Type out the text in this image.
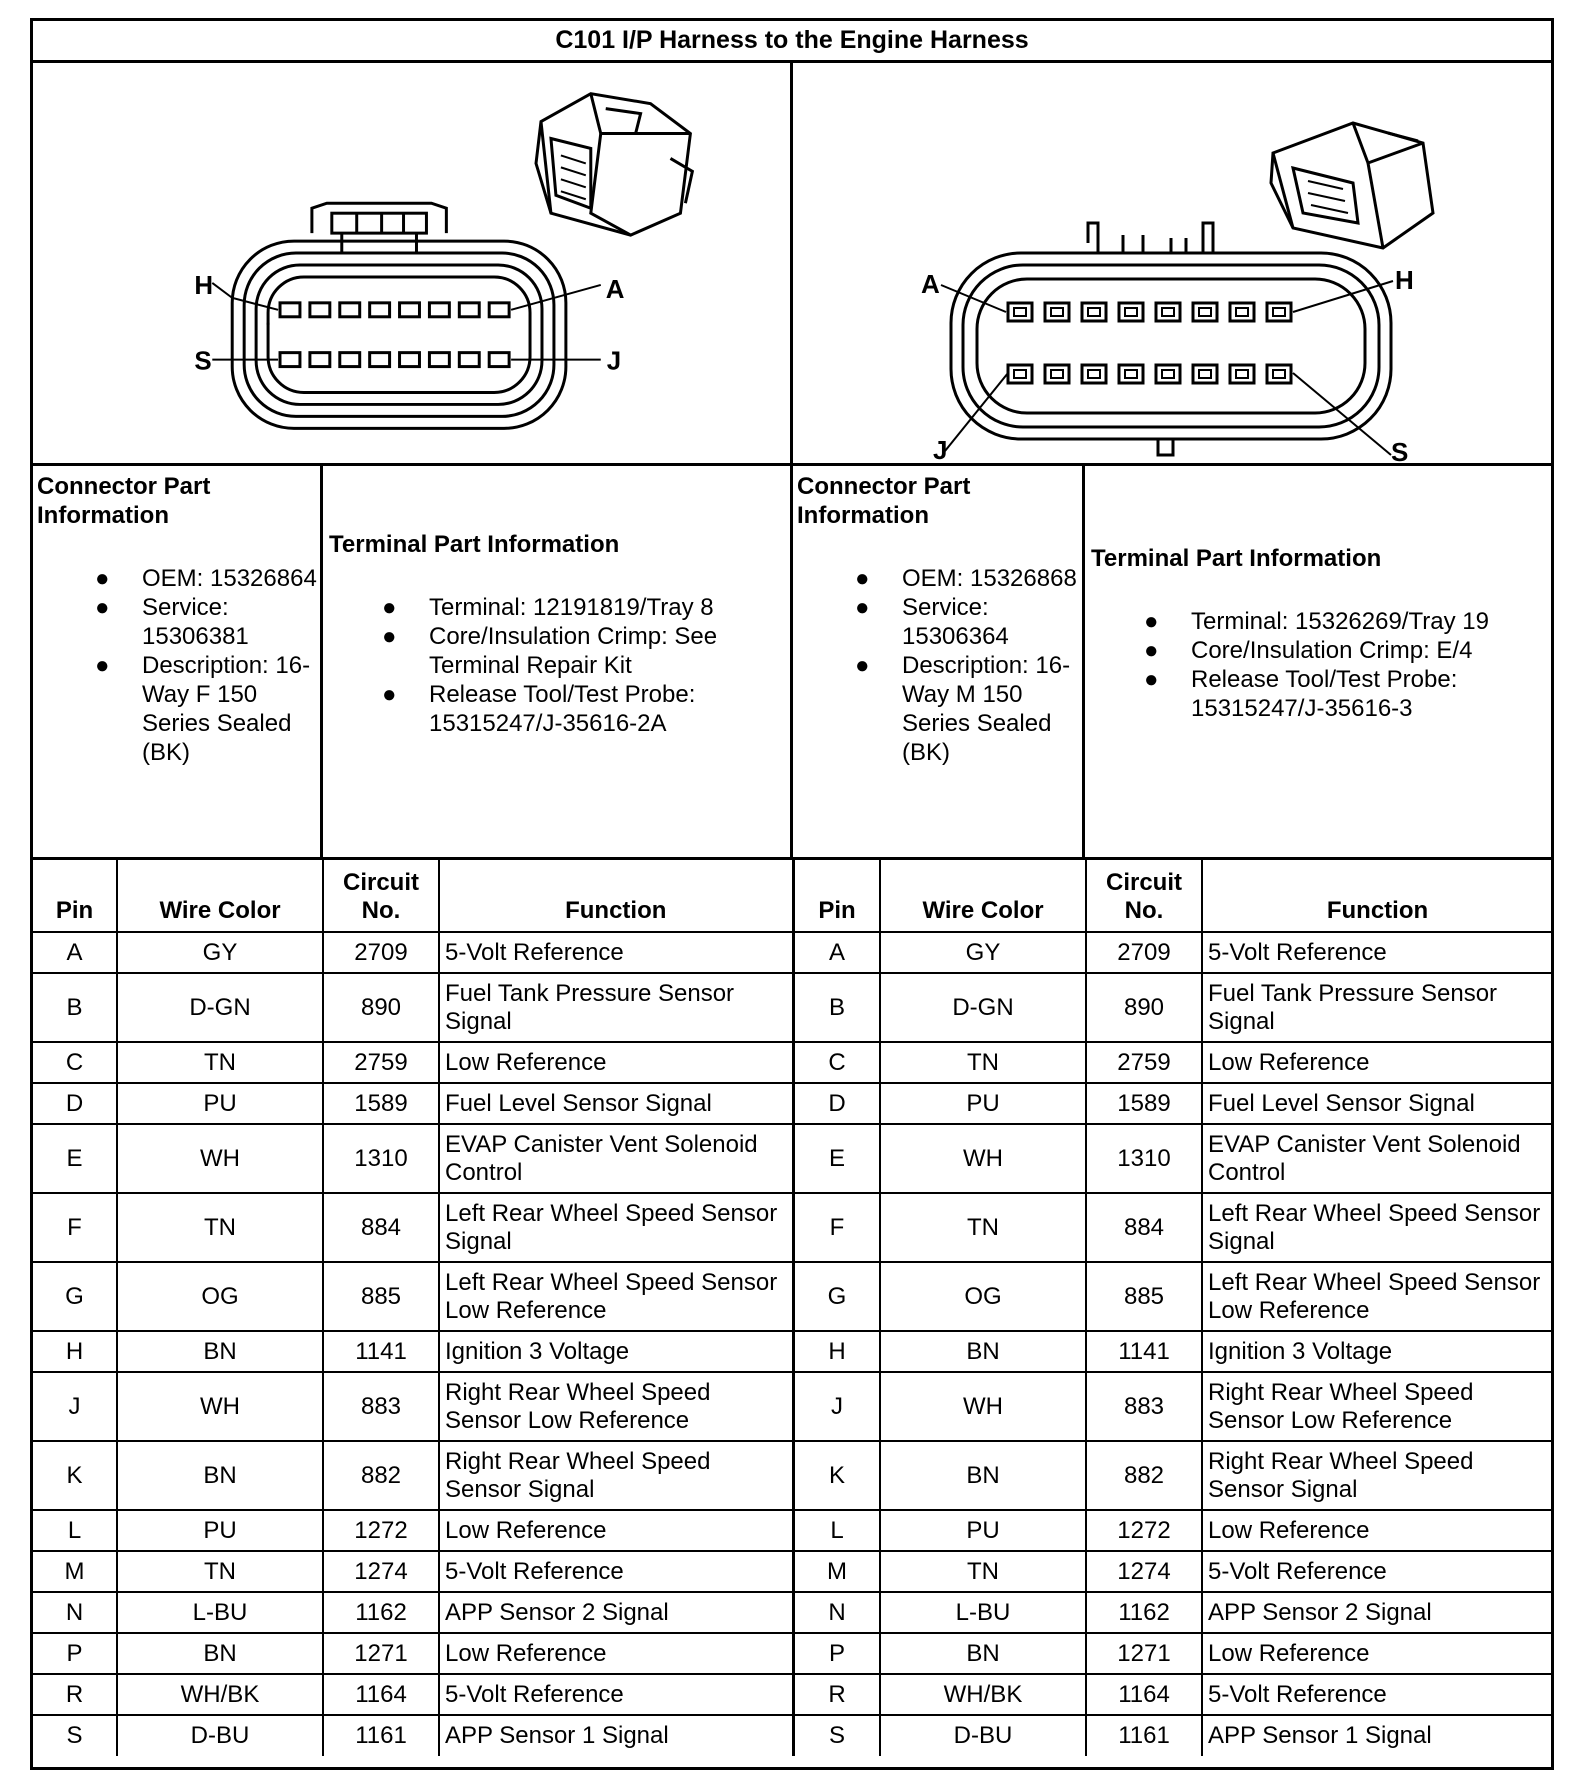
C101 I/P Harness to the Engine Harness
H	A
S	J
A	H
J	S
Connector Part Information
● OEM: 15326864
● Service: 15306381
● Description: 16-Way F 150 Series Sealed (BK)
Terminal Part Information
● Terminal: 12191819/Tray 8
● Core/Insulation Crimp: See Terminal Repair Kit
● Release Tool/Test Probe: 15315247/J-35616-2A
Connector Part Information
● OEM: 15326868
● Service: 15306364
● Description: 16-Way M 150 Series Sealed (BK)
Terminal Part Information
● Terminal: 15326269/Tray 19
● Core/Insulation Crimp: E/4
● Release Tool/Test Probe: 15315247/J-35616-3
Pin	Wire Color	Circuit No.	Function
A	GY	2709	5-Volt Reference
B	D-GN	890	Fuel Tank Pressure Sensor Signal
C	TN	2759	Low Reference
D	PU	1589	Fuel Level Sensor Signal
E	WH	1310	EVAP Canister Vent Solenoid Control
F	TN	884	Left Rear Wheel Speed Sensor Signal
G	OG	885	Left Rear Wheel Speed Sensor Low Reference
H	BN	1141	Ignition 3 Voltage
J	WH	883	Right Rear Wheel Speed Sensor Low Reference
K	BN	882	Right Rear Wheel Speed Sensor Signal
L	PU	1272	Low Reference
M	TN	1274	5-Volt Reference
N	L-BU	1162	APP Sensor 2 Signal
P	BN	1271	Low Reference
R	WH/BK	1164	5-Volt Reference
S	D-BU	1161	APP Sensor 1 Signal
Pin	Wire Color	Circuit No.	Function
A	GY	2709	5-Volt Reference
B	D-GN	890	Fuel Tank Pressure Sensor Signal
C	TN	2759	Low Reference
D	PU	1589	Fuel Level Sensor Signal
E	WH	1310	EVAP Canister Vent Solenoid Control
F	TN	884	Left Rear Wheel Speed Sensor Signal
G	OG	885	Left Rear Wheel Speed Sensor Low Reference
H	BN	1141	Ignition 3 Voltage
J	WH	883	Right Rear Wheel Speed Sensor Low Reference
K	BN	882	Right Rear Wheel Speed Sensor Signal
L	PU	1272	Low Reference
M	TN	1274	5-Volt Reference
N	L-BU	1162	APP Sensor 2 Signal
P	BN	1271	Low Reference
R	WH/BK	1164	5-Volt Reference
S	D-BU	1161	APP Sensor 1 Signal
